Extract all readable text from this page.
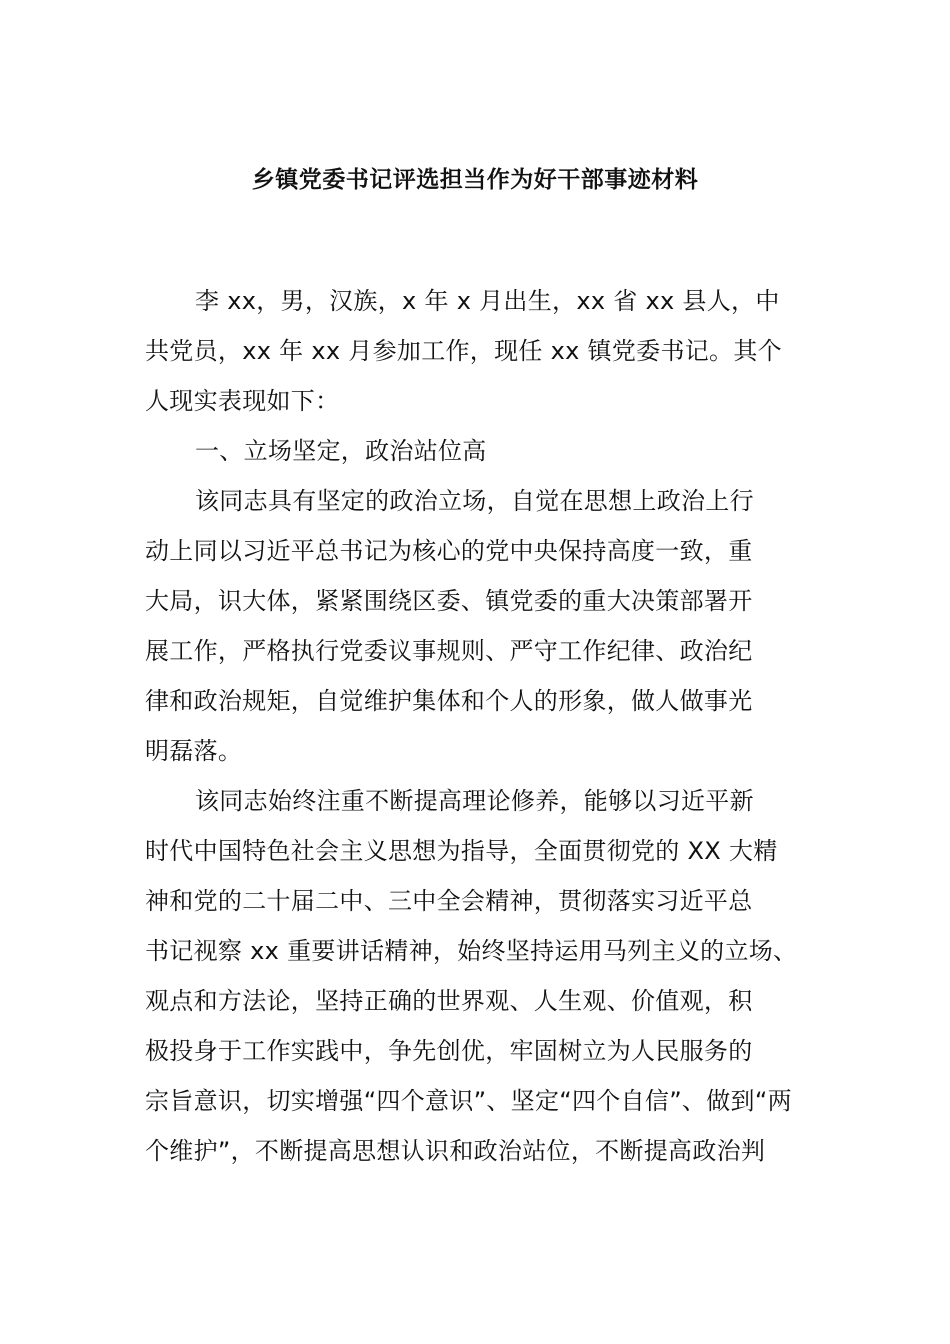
乡镇党委书记评选担当作为好干部事迹材料

李 xx，男，汉族，x 年 x 月出生，xx 省 xx 县人，中

共党员，xx 年 xx 月参加工作，现任 xx 镇党委书记。其个

人现实表现如下：

一、立场坚定，政治站位高

该同志具有坚定的政治立场，自觉在思想上政治上行

动上同以习近平总书记为核心的党中央保持高度一致，重

大局，识大体，紧紧围绕区委、镇党委的重大决策部署开

展工作，严格执行党委议事规则、严守工作纪律、政治纪

律和政治规矩，自觉维护集体和个人的形象，做人做事光

明磊落。

该同志始终注重不断提高理论修养，能够以习近平新

时代中国特色社会主义思想为指导，全面贯彻党的 XX 大精

神和党的二十届二中、三中全会精神，贯彻落实习近平总

书记视察 xx 重要讲话精神，始终坚持运用马列主义的立场、

观点和方法论，坚持正确的世界观、人生观、价值观，积

极投身于工作实践中，争先创优，牢固树立为人民服务的

宗旨意识，切实增强“四个意识”、坚定“四个自信”、做到“两

个维护”，不断提高思想认识和政治站位，不断提高政治判
